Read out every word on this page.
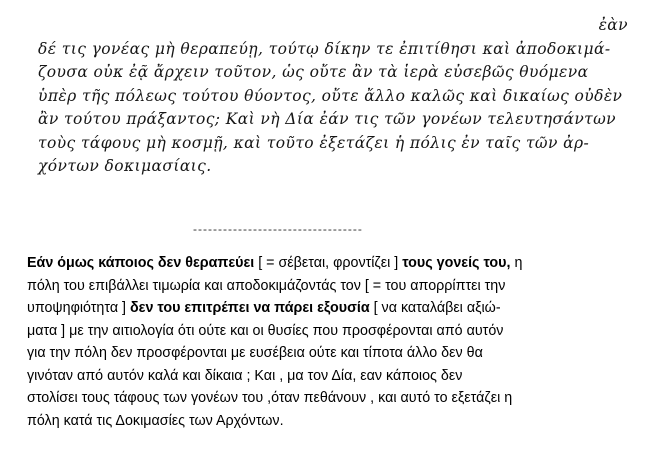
ἐὰν
δέ τις γονέας μὴ θεραπεύῃ, τούτῳ δίκην τε ἐπιτίθησι καὶ ἀποδοκιμά-
ζουσα οὐκ ἐᾷ ἄρχειν τοῦτον, ὡς οὔτε ἂν τὰ ἱερὰ εὐσεβῶς θυόμενα
ὑπὲρ τῆς πόλεως τούτου θύοντος, οὔτε ἄλλο καλῶς καὶ δικαίως οὐδὲν
ἂν τούτου πράξαντος; Καὶ νὴ Δία ἐάν τις τῶν γονέων τελευτησάντων
τοὺς τάφους μὴ κοσμῇ, καὶ τοῦτο ἐξετάζει ἡ πόλις ἐν ταῖς τῶν ἀρ-
χόντων δοκιμασίαις.
----------------------------------
Εάν όμως κάποιος δεν θεραπεύει [ = σέβεται, φροντίζει ] τους γονείς του, η
πόλη του επιβάλλει τιμωρία και αποδοκιμάζοντάς τον [ = του απορρίπτει την
υποψηφιότητα ] δεν του επιτρέπει να πάρει εξουσία [ να καταλάβει αξιώ-
ματα ] με την αιτιολογία ότι ούτε και οι θυσίες που προσφέρονται από αυτόν
για την πόλη δεν προσφέρονται με ευσέβεια ούτε και τίποτα άλλο δεν θα
γινόταν από αυτόν καλά και δίκαια ; Και , μα τον Δία, εαν κάποιος δεν
στολίσει τους τάφους των γονέων του ,όταν πεθάνουν , και αυτό το εξετάζει η
πόλη κατά τις Δοκιμασίες των Αρχόντων.
